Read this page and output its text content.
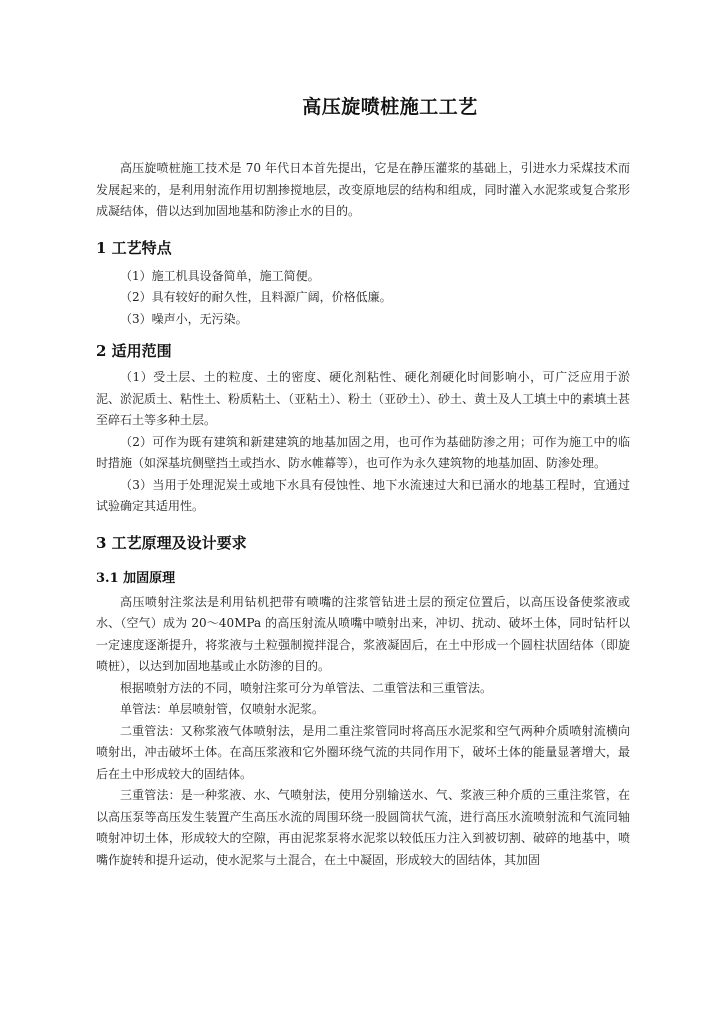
高压旋喷桩施工工艺

高压旋喷桩施工技术是 70 年代日本首先提出，它是在静压灌浆的基础上，引进水力采煤技术而发展起来的，是利用射流作用切割掺搅地层，改变原地层的结构和组成，同时灌入水泥浆或复合浆形成凝结体，借以达到加固地基和防渗止水的目的。

1 工艺特点

（1）施工机具设备简单，施工简便。

（2）具有较好的耐久性，且料源广阔，价格低廉。

（3）噪声小，无污染。

2 适用范围

（1）受土层、土的粒度、土的密度、硬化剂粘性、硬化剂硬化时间影响小，可广泛应用于淤泥、淤泥质土、粘性土、粉质粘土、（亚粘土）、粉土（亚砂土）、砂土、黄土及人工填土中的素填土甚至碎石土等多种土层。

（2）可作为既有建筑和新建建筑的地基加固之用，也可作为基础防渗之用；可作为施工中的临时措施（如深基坑侧壁挡土或挡水、防水帷幕等），也可作为永久建筑物的地基加固、防渗处理。

（3）当用于处理泥炭土或地下水具有侵蚀性、地下水流速过大和已涌水的地基工程时，宜通过试验确定其适用性。

3 工艺原理及设计要求
3.1 加固原理

高压喷射注浆法是利用钻机把带有喷嘴的注浆管钻进土层的预定位置后，以高压设备使浆液或水、（空气）成为 20～40MPa 的高压射流从喷嘴中喷射出来，冲切、扰动、破坏土体，同时钻杆以一定速度逐渐提升，将浆液与土粒强制搅拌混合，浆液凝固后，在土中形成一个圆柱状固结体（即旋喷桩），以达到加固地基或止水防渗的目的。

根据喷射方法的不同，喷射注浆可分为单管法、二重管法和三重管法。

单管法：单层喷射管，仅喷射水泥浆。

二重管法：又称浆液气体喷射法，是用二重注浆管同时将高压水泥浆和空气两种介质喷射流横向喷射出，冲击破坏土体。在高压浆液和它外圈环绕气流的共同作用下，破坏土体的能量显著增大，最后在土中形成较大的固结体。

三重管法：是一种浆液、水、气喷射法，使用分别输送水、气、浆液三种介质的三重注浆管，在以高压泵等高压发生装置产生高压水流的周围环绕一股圆筒状气流，进行高压水流喷射流和气流同轴喷射冲切土体，形成较大的空隙，再由泥浆泵将水泥浆以较低压力注入到被切割、破碎的地基中，喷嘴作旋转和提升运动，使水泥浆与土混合，在土中凝固，形成较大的固结体，其加固
